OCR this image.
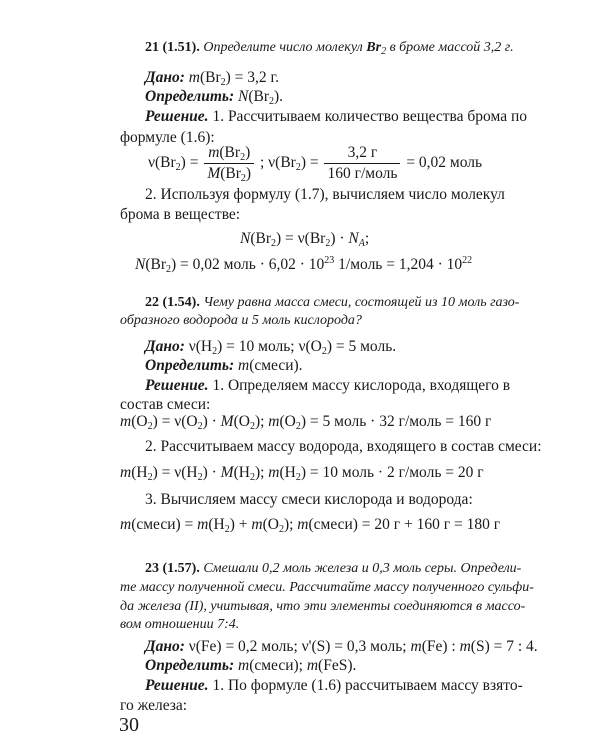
21 (1.51). Определите число молекул $Br_2$ в броме массой 3,2 г.
Дано: $m(Br_2) = 3,2$ г.
Определить: $N(Br_2)$.
Решение. 1. Рассчитываем количество вещества брома по
формуле (1.6):
$\nu(Br_2) = \frac{m(Br_2)}{M(Br_2)}$ ; $\nu(Br_2) = \frac{3,2 г}{\text{160 г/моль}} = 0,02$ моль
2. Используя формулу (1.7), вычисляем число молекул
брома в веществе:
$N(Br_2) = \nu(Br_2) \cdot N_A$;
$N(Br_2) = 0,02$ моль · $6,02 \cdot 10^{23}$ 1/моль = $1,204 \cdot 10^{22}$
22 (1.54). Чему равна масса смеси, состоящей из 10 моль газо-
образного водорода и 5 моль кислорода?
Дано: $\nu(H_2) = 10$ моль; $\nu(O_2) = 5$ моль.
Определить: m(смеси).
Решение. 1. Определяем массу кислорода, входящего в
состав смеси:
$m(O_2) = \nu(O_2) \cdot M(O_2)$; $m(O_2) = 5$ моль · 32 г/моль = 160 г
2. Рассчитываем массу водорода, входящего в состав смеси:
$m(H_2) = \nu(H_2) \cdot M(H_2)$; $m(H_2) = 10$ моль · 2 г/моль = 20 г
3. Вычисляем массу смеси кислорода и водорода:
m(смеси) = $m(H_2) + m(O_2)$; m(смеси) = 20 г + 160 г = 180 г
23 (1.57). Смешали 0,2 моль железа и 0,3 моль серы. Определи-
те массу полученной смеси. Рассчитайте массу полученного сульфи-
да железа (II), учитывая, что эти элементы соединяются в массо-
вом отношении 7:4.
Дано: ν(Fe) = 0,2 моль; ν'(S) = 0,3 моль; m(Fe) : m(S) = 7 : 4.
Определить: m(смеси); m(FeS).
Решение. 1. По формуле (1.6) рассчитываем массу взято-
го железа:
30
